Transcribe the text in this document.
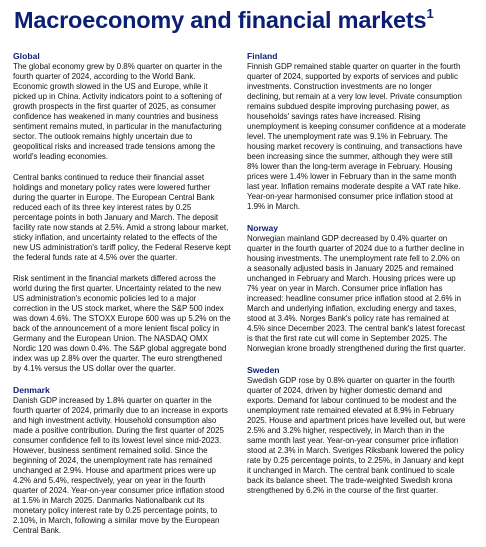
Macroeconomy and financial markets$^1$
Global

The global economy grew by 0.8% quarter on quarter in the fourth quarter of 2024, according to the World Bank. Economic growth slowed in the US and Europe, while it picked up in China. Activity indicators point to a softening of growth prospects in the first quarter of 2025, as consumer confidence has weakened in many countries and business sentiment remains muted, in particular in the manufacturing sector. The outlook remains highly uncertain due to geopolitical risks and increased trade tensions among the world's leading economies.

Central banks continued to reduce their financial asset holdings and monetary policy rates were lowered further during the quarter in Europe. The European Central Bank reduced each of its three key interest rates by 0.25 percentage points in both January and March. The deposit facility rate now stands at 2.5%. Amid a strong labour market, sticky inflation, and uncertainty related to the effects of the new US administration's tariff policy, the Federal Reserve kept the federal funds rate at 4.5% over the quarter.

Risk sentiment in the financial markets differed across the world during the first quarter. Uncertainty related to the new US administration's economic policies led to a major correction in the US stock market, where the S&P 500 index was down 4.6%. The STOXX Europe 600 was up 5.2% on the back of the announcement of a more lenient fiscal policy in Germany and the European Union. The NASDAQ OMX Nordic 120 was down 0.4%. The S&P global aggregate bond index was up 2.8% over the quarter. The euro strengthened by 4.1% versus the US dollar over the quarter.

Denmark

Danish GDP increased by 1.8% quarter on quarter in the fourth quarter of 2024, primarily due to an increase in exports and high investment activity. Household consumption also made a positive contribution. During the first quarter of 2025 consumer confidence fell to its lowest level since mid-2023. However, business sentiment remained solid. Since the beginning of 2024, the unemployment rate has remained unchanged at 2.9%. House and apartment prices were up 4.2% and 5.4%, respectively, year on year in the fourth quarter of 2024. Year-on-year consumer price inflation stood at 1.5% in March 2025. Danmarks Nationalbank cut its monetary policy interest rate by 0.25 percentage points, to 2.10%, in March, following a similar move by the European Central Bank.

Finland

Finnish GDP remained stable quarter on quarter in the fourth quarter of 2024, supported by exports of services and public investments. Construction investments are no longer declining, but remain at a very low level. Private consumption remains subdued despite improving purchasing power, as households' savings rates have increased. Rising unemployment is keeping consumer confidence at a moderate level. The unemployment rate was 9.1% in February. The housing market recovery is continuing, and transactions have been increasing since the summer, although they were still 8% lower than the long-term average in February. Housing prices were 1.4% lower in February than in the same month last year. Inflation remains moderate despite a VAT rate hike. Year-on-year harmonised consumer price inflation stood at 1.9% in March.

Norway

Norwegian mainland GDP decreased by 0.4% quarter on quarter in the fourth quarter of 2024 due to a further decline in housing investments. The unemployment rate fell to 2.0% on a seasonally adjusted basis in January 2025 and remained unchanged in February and March. Housing prices were up 7% year on year in March. Consumer price inflation has increased: headline consumer price inflation stood at 2.6% in March and underlying inflation, excluding energy and taxes, stood at 3.4%. Norges Bank's policy rate has remained at 4.5% since December 2023. The central bank's latest forecast is that the first rate cut will come in September 2025. The Norwegian krone broadly strengthened during the first quarter.

Sweden

Swedish GDP rose by 0.8% quarter on quarter in the fourth quarter of 2024, driven by higher domestic demand and exports. Demand for labour continued to be modest and the unemployment rate remained elevated at 8.9% in February 2025. House and apartment prices have levelled out, but were 2.5% and 3.2% higher, respectively, in March than in the same month last year. Year-on-year consumer price inflation stood at 2.3% in March. Sveriges Riksbank lowered the policy rate by 0.25 percentage points, to 2.25%, in January and kept it unchanged in March. The central bank continued to scale back its balance sheet. The trade-weighted Swedish krona strengthened by 6.2% in the course of the first quarter.
